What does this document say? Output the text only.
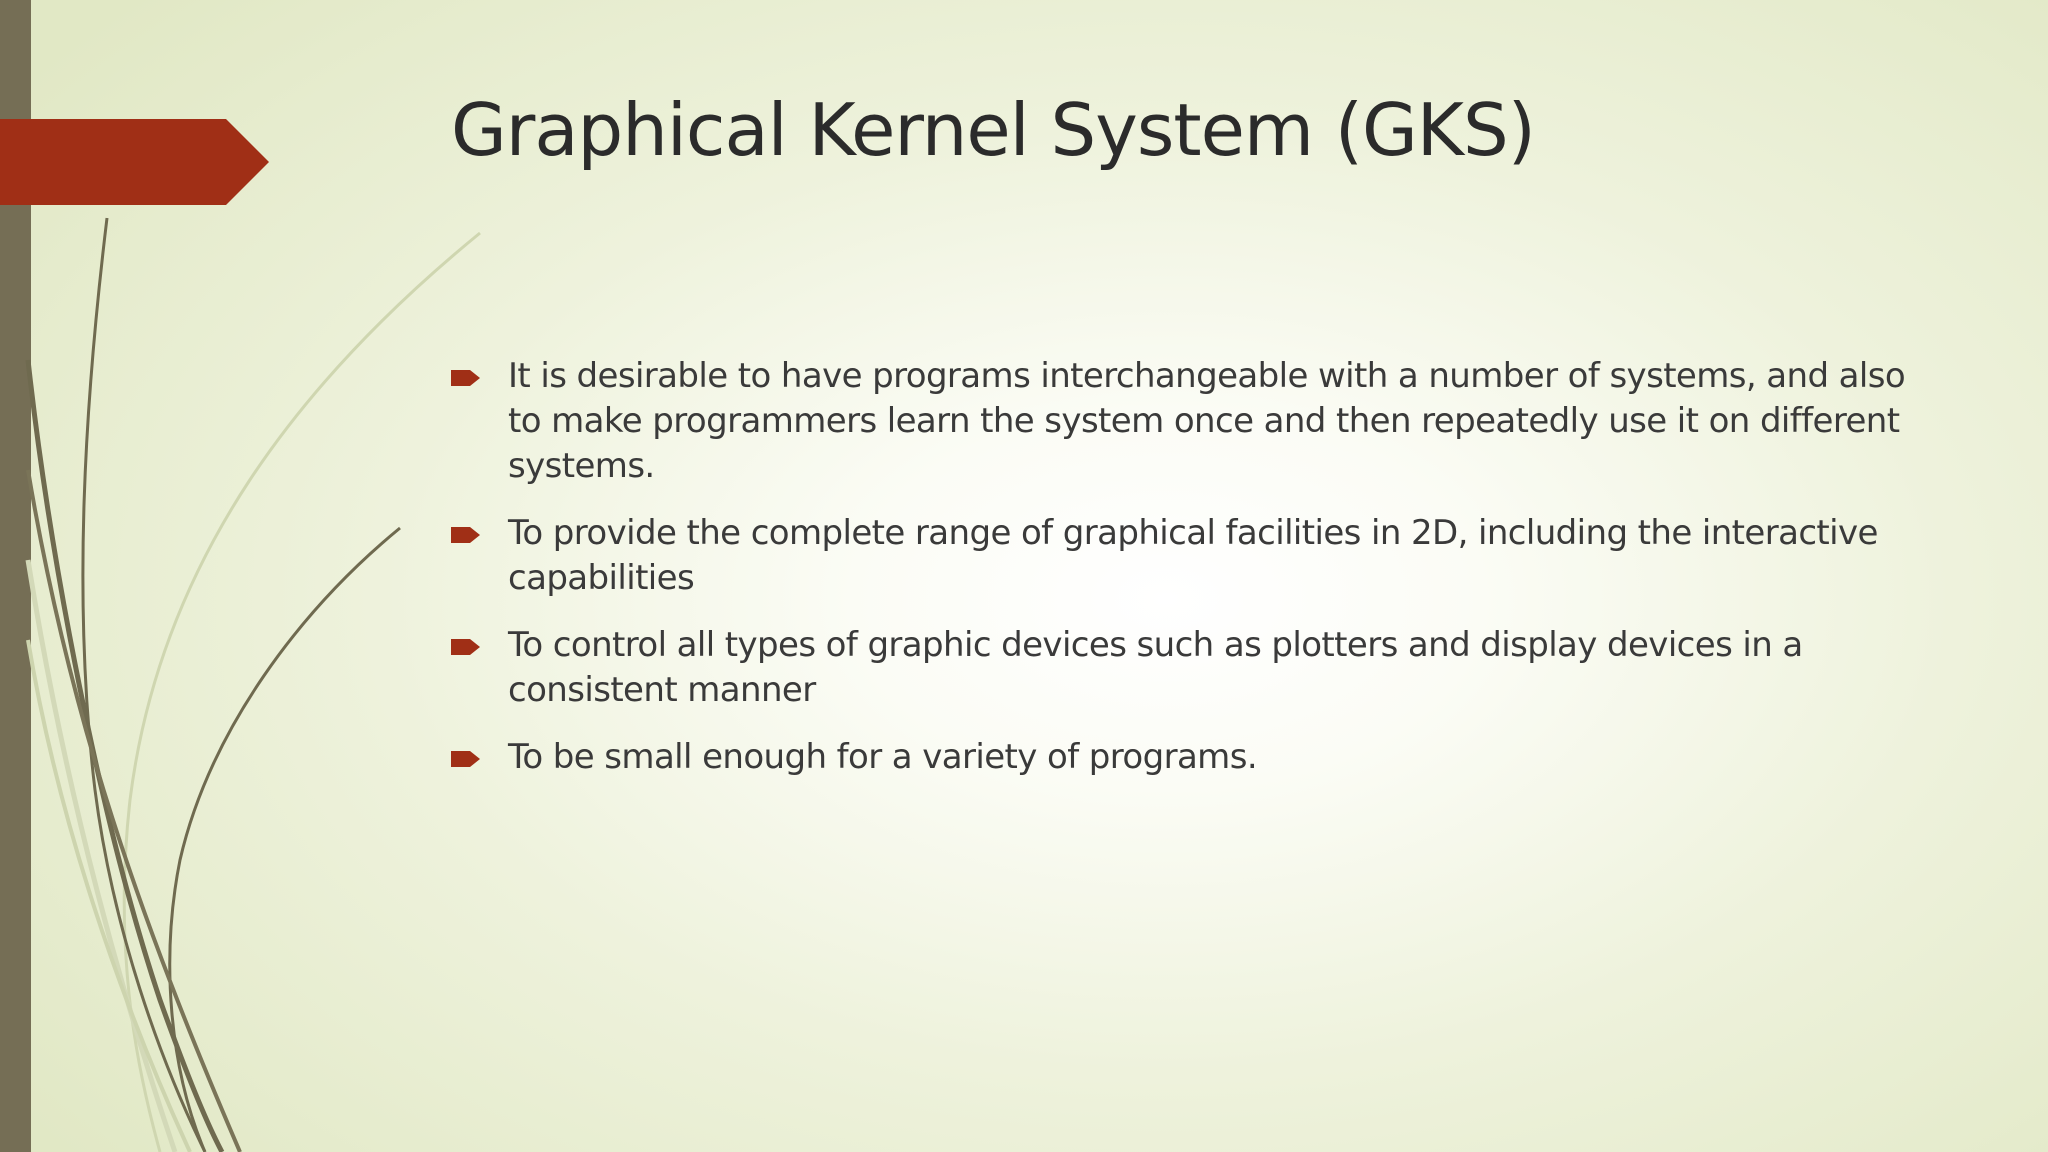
Graphical Kernel System (GKS)
It is desirable to have programs interchangeable with a number of systems, and also to make programmers learn the system once and then repeatedly use it on different systems.
To provide the complete range of graphical facilities in 2D, including the interactive capabilities
To control all types of graphic devices such as plotters and display devices in a consistent manner
To be small enough for a variety of programs.
